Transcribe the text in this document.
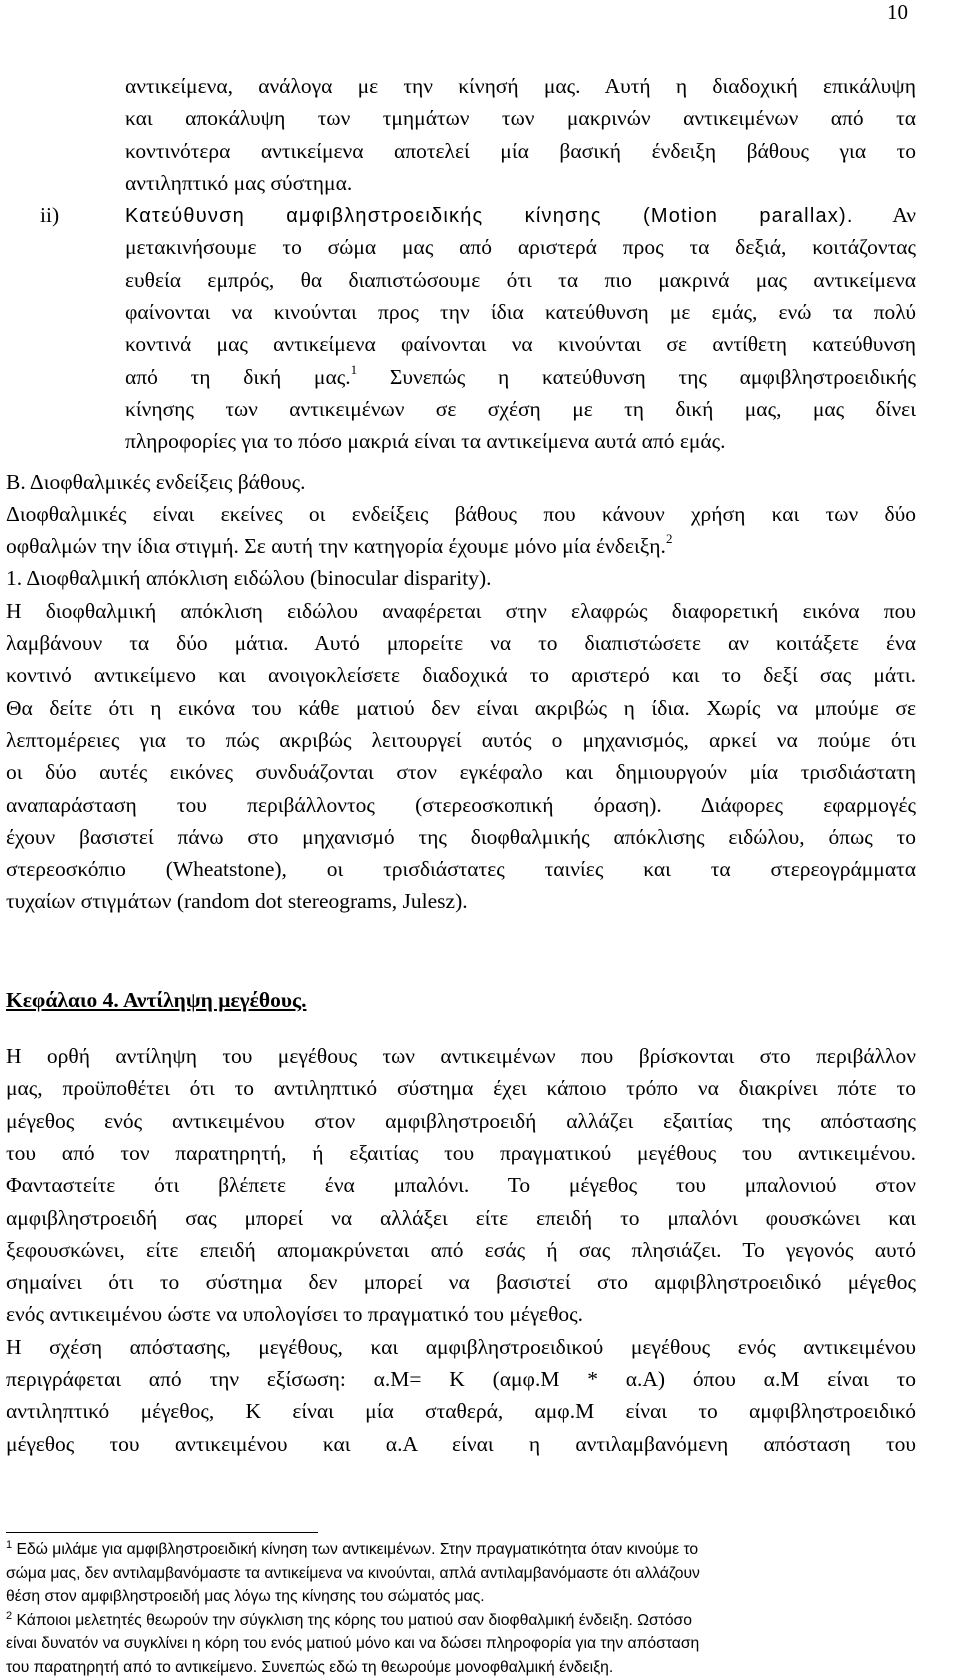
10
αντικείμενα, ανάλογα με την κίνησή μας. Αυτή η διαδοχική επικάλυψη
και αποκάλυψη των τμημάτων των μακρινών αντικειμένων από τα
κοντινότερα αντικείμενα αποτελεί μία βασική ένδειξη βάθους για το
αντιληπτικό μας σύστημα.
ii)	Κατεύθυνση αμφιβληστροειδικής κίνησης (Motion parallax). Αν
μετακινήσουμε το σώμα μας από αριστερά προς τα δεξιά, κοιτάζοντας
ευθεία εμπρός, θα διαπιστώσουμε ότι τα πιο μακρινά μας αντικείμενα
φαίνονται να κινούνται προς την ίδια κατεύθυνση με εμάς, ενώ τα πολύ
κοντινά μας αντικείμενα φαίνονται να κινούνται σε αντίθετη κατεύθυνση
από τη δική μας.$^1$ Συνεπώς η κατεύθυνση της αμφιβληστροειδικής
κίνησης των αντικειμένων σε σχέση με τη δική μας, μας δίνει
πληροφορίες για το πόσο μακριά είναι τα αντικείμενα αυτά από εμάς.
Β. Διοφθαλμικές ενδείξεις βάθους.
Διοφθαλμικές είναι εκείνες οι ενδείξεις βάθους που κάνουν χρήση και των δύο
οφθαλμών την ίδια στιγμή. Σε αυτή την κατηγορία έχουμε μόνο μία ένδειξη.$^2$
1. Διοφθαλμική απόκλιση ειδώλου (binocular disparity).
Η διοφθαλμική απόκλιση ειδώλου αναφέρεται στην ελαφρώς διαφορετική εικόνα που
λαμβάνουν τα δύο μάτια. Αυτό μπορείτε να το διαπιστώσετε αν κοιτάξετε ένα
κοντινό αντικείμενο και ανοιγοκλείσετε διαδοχικά το αριστερό και το δεξί σας μάτι.
Θα δείτε ότι η εικόνα του κάθε ματιού δεν είναι ακριβώς η ίδια. Χωρίς να μπούμε σε
λεπτομέρειες για το πώς ακριβώς λειτουργεί αυτός ο μηχανισμός, αρκεί να πούμε ότι
οι δύο αυτές εικόνες συνδυάζονται στον εγκέφαλο και δημιουργούν μία τρισδιάστατη
αναπαράσταση του περιβάλλοντος (στερεοσκοπική όραση). Διάφορες εφαρμογές
έχουν βασιστεί πάνω στο μηχανισμό της διοφθαλμικής απόκλισης ειδώλου, όπως το
στερεοσκόπιο (Wheatstone), οι τρισδιάστατες ταινίες και τα στερεογράμματα
τυχαίων στιγμάτων (random dot stereograms, Julesz).
Κεφάλαιο 4. Αντίληψη μεγέθους.
Η ορθή αντίληψη του μεγέθους των αντικειμένων που βρίσκονται στο περιβάλλον
μας, προϋποθέτει ότι το αντιληπτικό σύστημα έχει κάποιο τρόπο να διακρίνει πότε το
μέγεθος ενός αντικειμένου στον αμφιβληστροειδή αλλάζει εξαιτίας της απόστασης
του από τον παρατηρητή, ή εξαιτίας του πραγματικού μεγέθους του αντικειμένου.
Φανταστείτε ότι βλέπετε ένα μπαλόνι. Το μέγεθος του μπαλονιού στον
αμφιβληστροειδή σας μπορεί να αλλάξει είτε επειδή το μπαλόνι φουσκώνει και
ξεφουσκώνει, είτε επειδή απομακρύνεται από εσάς ή σας πλησιάζει. Το γεγονός αυτό
σημαίνει ότι το σύστημα δεν μπορεί να βασιστεί στο αμφιβληστροειδικό μέγεθος
ενός αντικειμένου ώστε να υπολογίσει το πραγματικό του μέγεθος.
Η σχέση απόστασης, μεγέθους, και αμφιβληστροειδικού μεγέθους ενός αντικειμένου
περιγράφεται από την εξίσωση: α.Μ= Κ (αμφ.Μ * α.Α) όπου α.Μ είναι το
αντιληπτικό μέγεθος, Κ είναι μία σταθερά, αμφ.Μ είναι το αμφιβληστροειδικό
μέγεθος του αντικειμένου και α.Α είναι η αντιλαμβανόμενη απόσταση του
$^1$ Εδώ μιλάμε για αμφιβληστροειδική κίνηση των αντικειμένων. Στην πραγματικότητα όταν κινούμε το
σώμα μας, δεν αντιλαμβανόμαστε τα αντικείμενα να κινούνται, απλά αντιλαμβανόμαστε ότι αλλάζουν
θέση στον αμφιβληστροειδή μας λόγω της κίνησης του σώματός μας.
$^2$ Κάποιοι μελετητές θεωρούν την σύγκλιση της κόρης του ματιού σαν διοφθαλμική ένδειξη. Ωστόσο
είναι δυνατόν να συγκλίνει η κόρη του ενός ματιού μόνο και να δώσει πληροφορία για την απόσταση
του παρατηρητή από το αντικείμενο. Συνεπώς εδώ τη θεωρούμε μονοφθαλμική ένδειξη.
